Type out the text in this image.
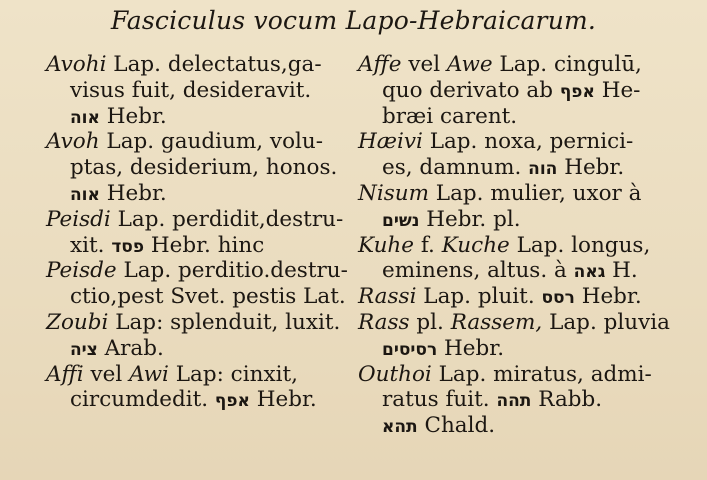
Fasciculus vocum Lapo-Hebraicarum.
Avohi Lap. delectatus,ga-
visus fuit, desideravit.
אוה Hebr.
Avoh Lap. gaudium, volu-
ptas, desiderium, honos.
אוה Hebr.
Peisdi Lap. perdidit,destru-
xit. פסד Hebr. hinc
Peisde Lap. perditio.destru-
ctio,pest Svet. pestis Lat.
Zoubi Lap: splenduit, luxit.
ציה Arab.
Affi vel Awi Lap: cinxit,
circumdedit. אפף Hebr.
Affe vel Awe Lap. cingulū,
quo derivato ab אפף He-
bræi carent.
Hæivi Lap. noxa, pernici-
es, damnum. הוה Hebr.
Nisum Lap. mulier, uxor à
נשים Hebr. pl.
Kuhe f. Kuche Lap. longus,
eminens, altus. à גאה H.
Rassi Lap. pluit. רסס Hebr.
Rass pl. Rassem, Lap. pluvia
רסיסים Hebr.
Outhoi Lap. miratus, admi-
ratus fuit. תהה Rabb.
תהא Chald.
